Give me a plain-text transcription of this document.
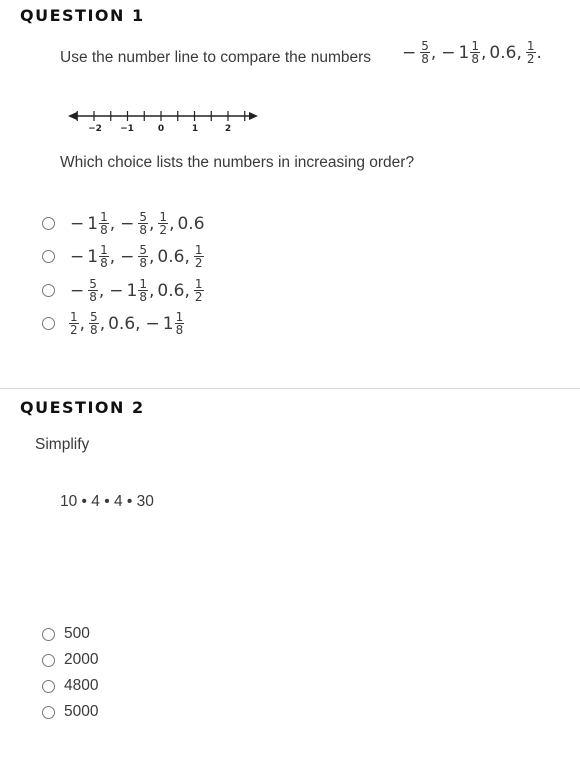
QUESTION 1
Use the number line to compare the numbers − $\frac{5}{8}$ , − $1 \frac{1}{8}$ , 0.6 , $\frac{1}{2}$ .
−2 −1	0	1	2
Which choice lists the numbers in increasing order?
− $1 \frac{1}{8}$ , − $\frac{5}{8}$ , $\frac{1}{2}$ , 0.6
− $1 \frac{1}{8}$ , − $\frac{5}{8}$ , 0.6 , $\frac{1}{2}$
− $\frac{5}{8}$ , − $1 \frac{1}{8}$ , 0.6 , $\frac{1}{2}$
$\frac{1}{2}$ , $\frac{5}{8}$ , 0.6 , − $1 \frac{1}{8}$
QUESTION 2
Simplify
10 • 4 • 4 • 30
500
2000
4800
5000
